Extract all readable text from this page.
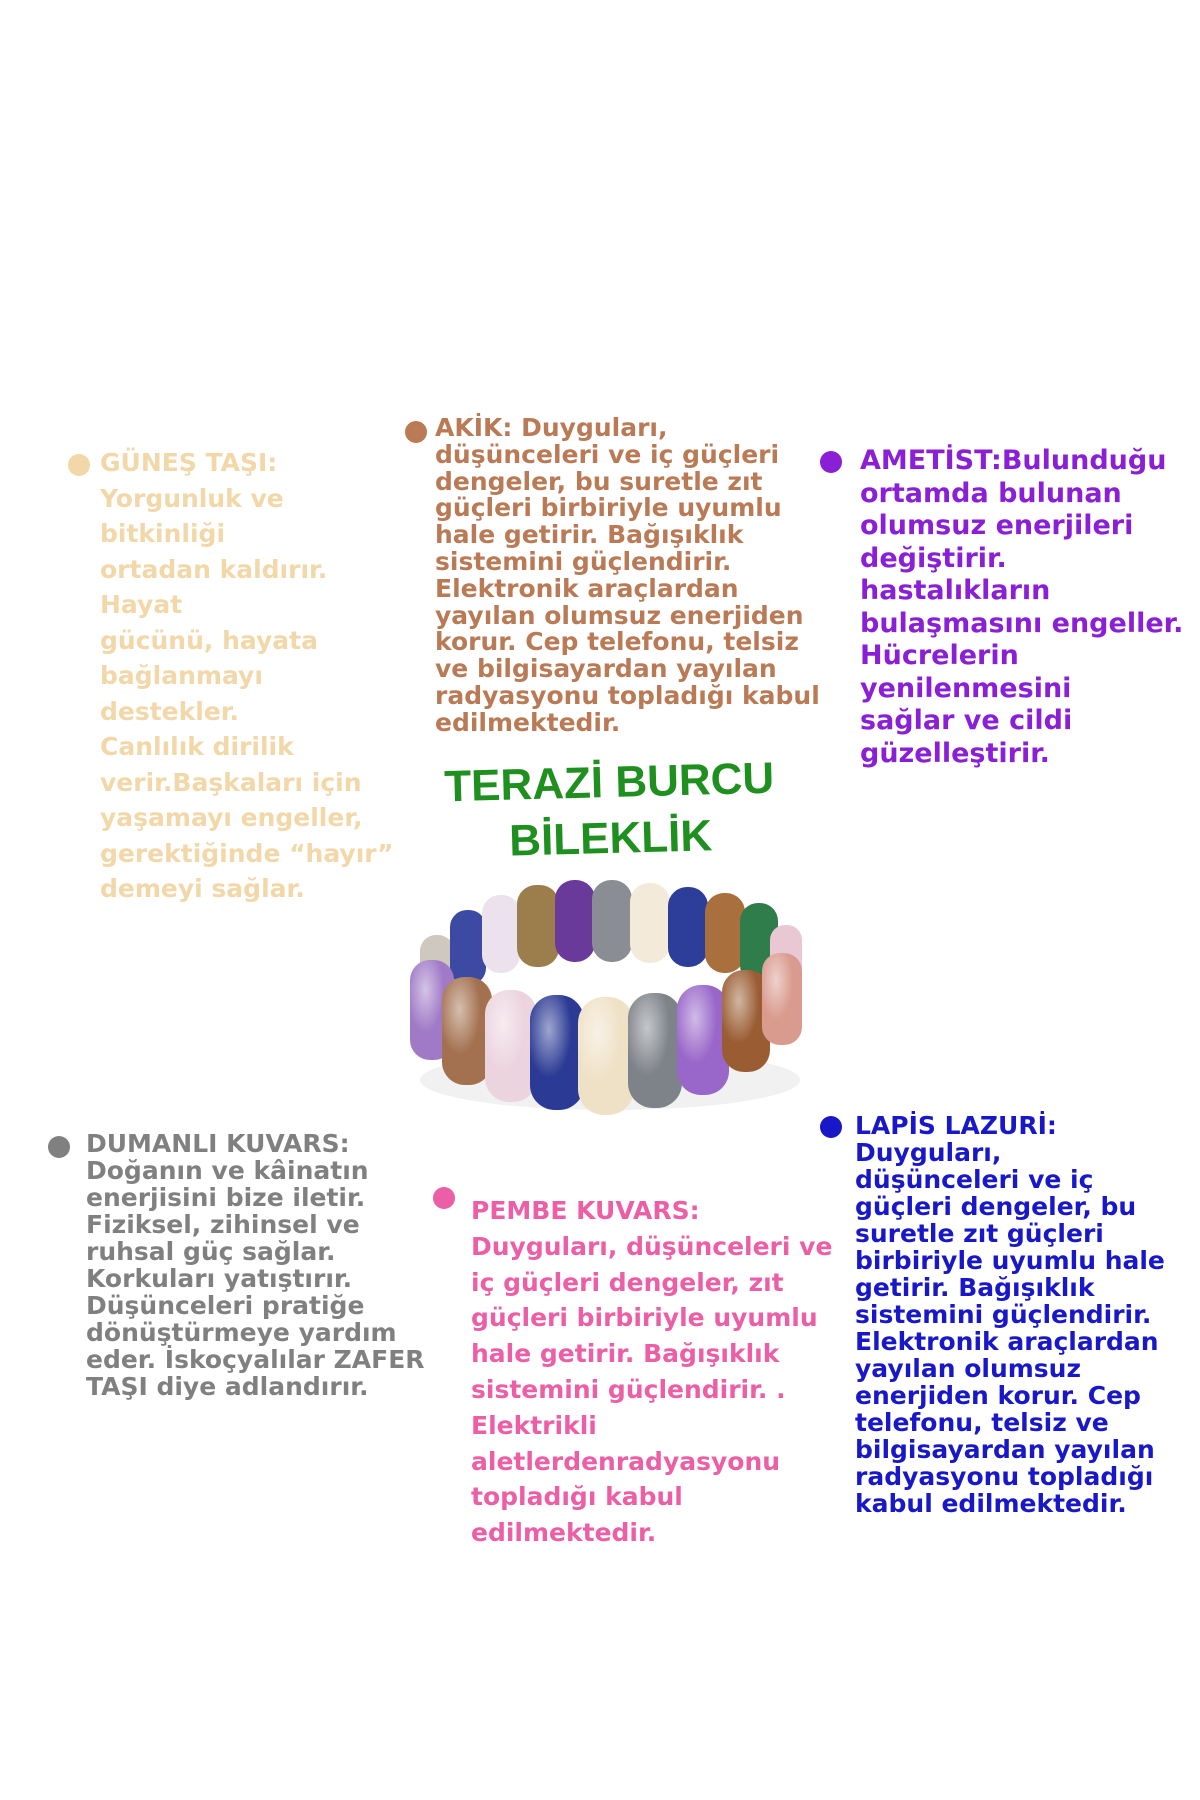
GÜNEŞ TAŞI:
Yorgunluk ve bitkinliği
ortadan kaldırır. Hayat
gücünü, hayata
bağlanmayı destekler.
Canlılık dirilik
verir.Başkaları için
yaşamayı engeller,
gerektiğinde “hayır”
demeyi sağlar.
AKİK: Duyguları,
düşünceleri ve iç güçleri
dengeler, bu suretle zıt
güçleri birbiriyle uyumlu
hale getirir. Bağışıklık
sistemini güçlendirir.
Elektronik araçlardan
yayılan olumsuz enerjiden
korur. Cep telefonu, telsiz
ve bilgisayardan yayılan
radyasyonu topladığı kabul
edilmektedir.
AMETİST:Bulunduğu
ortamda bulunan
olumsuz enerjileri
değiştirir. hastalıkların
bulaşmasını engeller.
Hücrelerin yenilenmesini
sağlar ve cildi
güzelleştirir.
TERAZİ BURCU
BİLEKLİK
DUMANLI KUVARS:
Doğanın ve kâinatın
enerjisini bize iletir.
Fiziksel, zihinsel ve
ruhsal güç sağlar.
Korkuları yatıştırır.
Düşünceleri pratiğe
dönüştürmeye yardım
eder. İskoçyalılar ZAFER
TAŞI diye adlandırır.
PEMBE KUVARS:
Duyguları, düşünceleri ve
iç güçleri dengeler, zıt
güçleri birbiriyle uyumlu
hale getirir. Bağışıklık
sistemini güçlendirir. .
Elektrikli
aletlerdenradyasyonu
topladığı kabul
edilmektedir.
LAPİS LAZURİ:
Duyguları,
düşünceleri ve iç
güçleri dengeler, bu
suretle zıt güçleri
birbiriyle uyumlu hale
getirir. Bağışıklık
sistemini güçlendirir.
Elektronik araçlardan
yayılan olumsuz
enerjiden korur. Cep
telefonu, telsiz ve
bilgisayardan yayılan
radyasyonu topladığı
kabul edilmektedir.
